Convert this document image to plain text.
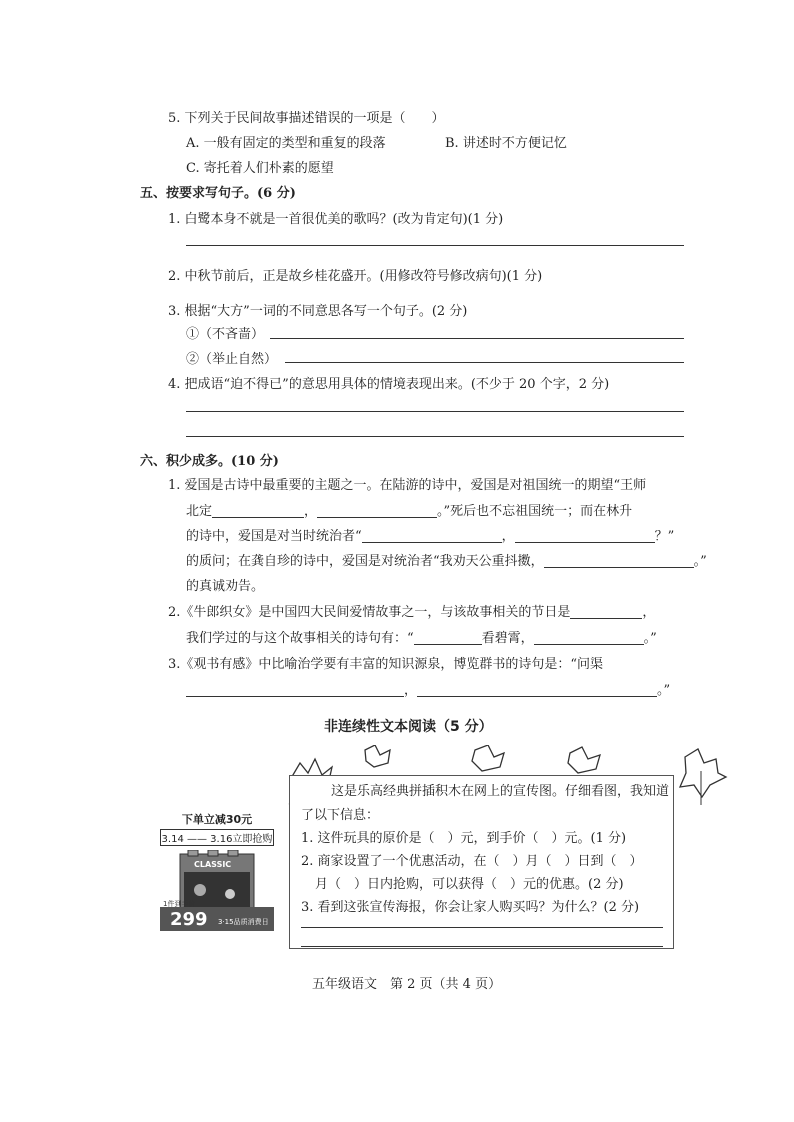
5. 下列关于民间故事描述错误的一项是（　　）
A. 一般有固定的类型和重复的段落	B. 讲述时不方便记忆
C. 寄托着人们朴素的愿望
五、按要求写句子。(6 分)
1. 白鹭本身不就是一首很优美的歌吗？(改为肯定句)(1 分)
2. 中秋节前后，正是故乡桂花盛开。(用修改符号修改病句)(1 分)
3. 根据“大方”一词的不同意思各写一个句子。(2 分)
①（不吝啬）
②（举止自然）
4. 把成语“迫不得已”的意思用具体的情境表现出来。(不少于 20 个字，2 分)
六、积少成多。(10 分)
1. 爱国是古诗中最重要的主题之一。在陆游的诗中，爱国是对祖国统一的期望“王师
北定	，	。”死后也不忘祖国统一；而在林升
的诗中，爱国是对当时统治者“	，	？”
的质问；在龚自珍的诗中，爱国是对统治者“我劝天公重抖擞，	。”
的真诚劝告。
2.《牛郎织女》是中国四大民间爱情故事之一，与该故事相关的节日是	，
我们学过的与这个故事相关的诗句有：“	看碧霄，	。”
3.《观书有感》中比喻治学要有丰富的知识源泉，博览群书的诗句是：“问渠
，	。”
非连续性文本阅读（5 分）
这是乐高经典拼插积木在网上的宣传图。仔细看图，我知道
了以下信息：
1. 这件玩具的原价是（　）元，到手价（　）元。(1 分)
2. 商家设置了一个优惠活动，在（　）月（　）日到（　）
月（　）日内抢购，可以获得（　）元的优惠。(2 分)
3. 看到这张宣传海报，你会让家人购买吗？为什么？(2 分)
下单立减30元
3.14 —— 3.16立即抢购
CLASSIC
1件到手价
299 3·15品质消费日
五年级语文　第 2 页（共 4 页）
